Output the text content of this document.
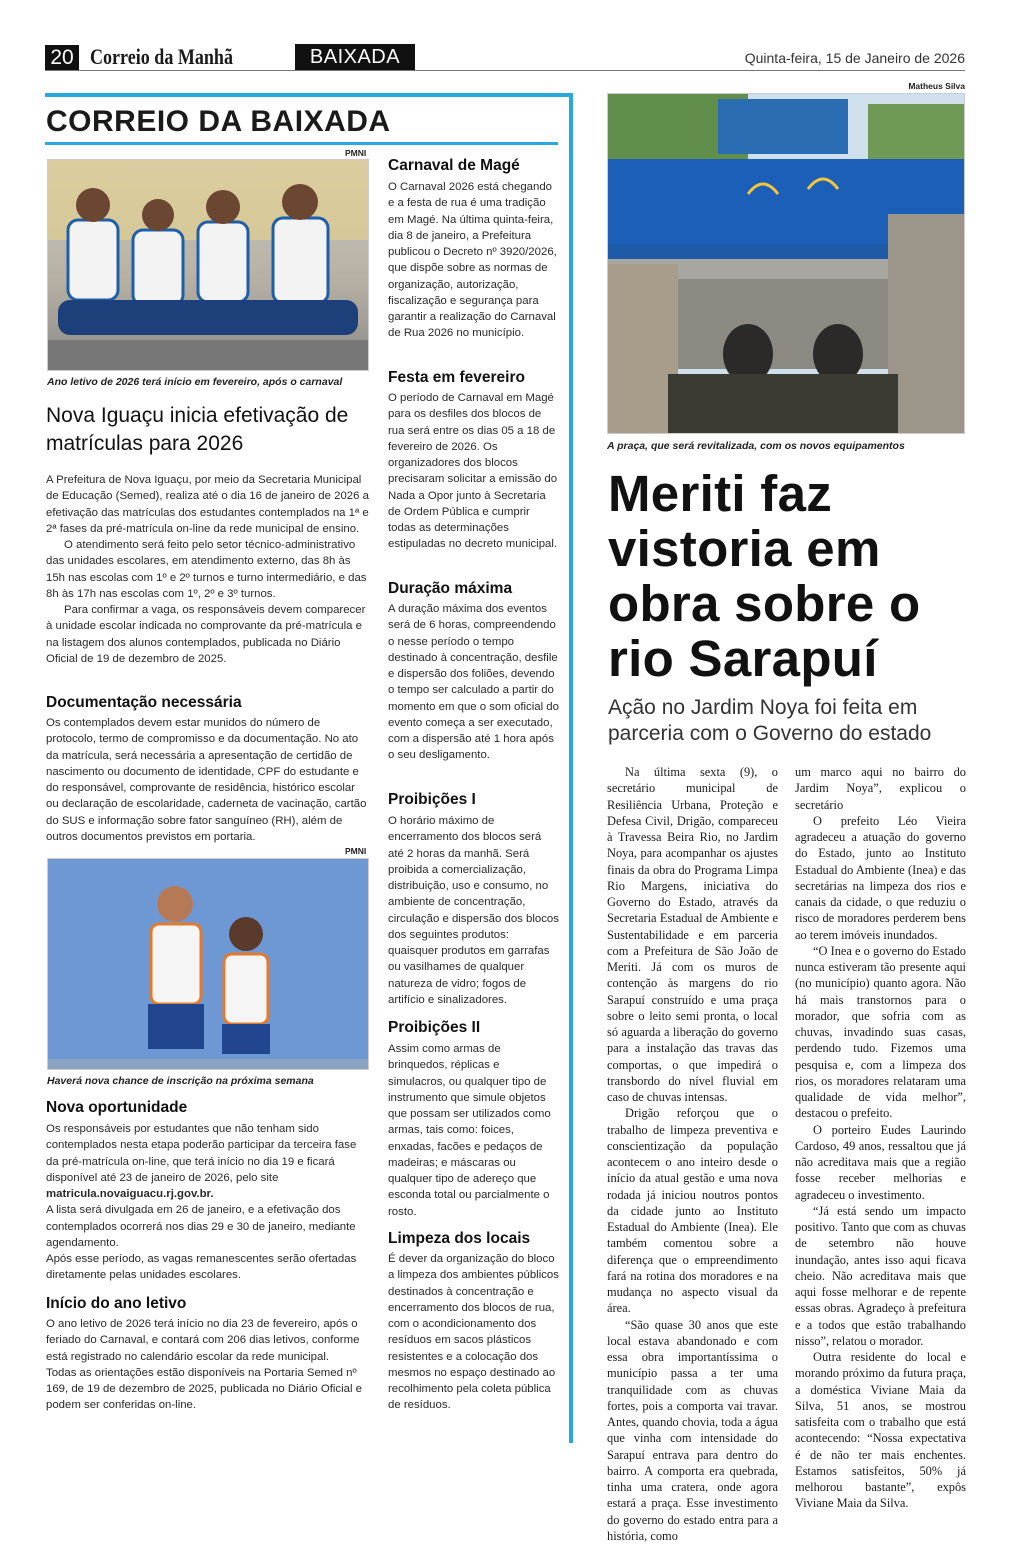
20 Correio da Manhã	BAIXADA	Quinta-feira, 15 de Janeiro de 2026
CORREIO DA BAIXADA
PMNI
Ano letivo de 2026 terá início em fevereiro, após o carnaval
Nova Iguaçu inicia efetivação de matrículas para 2026

A Prefeitura de Nova Iguaçu, por meio da Secretaria Municipal de Educação (Semed), realiza até o dia 16 de janeiro de 2026 a efetivação das matrículas dos estudantes contemplados na 1ª e 2ª fases da pré-matrícula on-line da rede municipal de ensino.

O atendimento será feito pelo setor técnico-administrativo das unidades escolares, em atendimento externo, das 8h às 15h nas escolas com 1º e 2º turnos e turno intermediário, e das 8h às 17h nas escolas com 1º, 2º e 3º turnos.

Para confirmar a vaga, os responsáveis devem comparecer à unidade escolar indicada no comprovante da pré-matrícula e na listagem dos alunos contemplados, publicada no Diário Oficial de 19 de dezembro de 2025.

Documentação necessária
Os contemplados devem estar munidos do número de protocolo, termo de compromisso e da documentação. No ato da matrícula, será necessária a apresentação de certidão de nascimento ou documento de identidade, CPF do estudante e do responsável, comprovante de residência, histórico escolar ou declaração de escolaridade, caderneta de vacinação, cartão do SUS e informação sobre fator sanguíneo (RH), além de outros documentos previstos em portaria.
PMNI
Haverá nova chance de inscrição na próxima semana
Nova oportunidade

Os responsáveis por estudantes que não tenham sido contemplados nesta etapa poderão participar da terceira fase da pré-matrícula on-line, que terá início no dia 19 e ficará disponível até 23 de janeiro de 2026, pelo site

matricula.novaiguacu.rj.gov.br.

A lista será divulgada em 26 de janeiro, e a efetivação dos contemplados ocorrerá nos dias 29 e 30 de janeiro, mediante agendamento.

Após esse período, as vagas remanescentes serão ofertadas diretamente pelas unidades escolares.

Início do ano letivo

O ano letivo de 2026 terá início no dia 23 de fevereiro, após o feriado do Carnaval, e contará com 206 dias letivos, conforme está registrado no calendário escolar da rede municipal.

Todas as orientações estão disponíveis na Portaria Semed nº 169, de 19 de dezembro de 2025, publicada no Diário Oficial e podem ser conferidas on-line.

Carnaval de Magé
O Carnaval 2026 está chegando e a festa de rua é uma tradição em Magé. Na última quinta-feira, dia 8 de janeiro, a Prefeitura publicou o Decreto nº 3920/2026, que dispõe sobre as normas de organização, autorização, fiscalização e segurança para garantir a realização do Carnaval de Rua 2026 no município.
Festa em fevereiro
O período de Carnaval em Magé para os desfiles dos blocos de rua será entre os dias 05 a 18 de fevereiro de 2026. Os organizadores dos blocos precisaram solicitar a emissão do Nada a Opor junto à Secretaria de Ordem Pública e cumprir todas as determinações estipuladas no decreto municipal.
Duração máxima
A duração máxima dos eventos será de 6 horas, compreendendo o nesse período o tempo destinado à concentração, desfile e dispersão dos foliões, devendo o tempo ser calculado a partir do momento em que o som oficial do evento começa a ser executado, com a dispersão até 1 hora após o seu desligamento.
Proibições I
O horário máximo de encerramento dos blocos será até 2 horas da manhã. Será proibida a comercialização, distribuição, uso e consumo, no ambiente de concentração, circulação e dispersão dos blocos dos seguintes produtos: quaisquer produtos em garrafas ou vasilhames de qualquer natureza de vidro; fogos de artifício e sinalizadores.
Proibições II
Assim como armas de brinquedos, réplicas e simulacros, ou qualquer tipo de instrumento que simule objetos que possam ser utilizados como armas, tais como: foices, enxadas, facões e pedaços de madeiras; e máscaras ou qualquer tipo de adereço que esconda total ou parcialmente o rosto.
Limpeza dos locais
É dever da organização do bloco a limpeza dos ambientes públicos destinados à concentração e encerramento dos blocos de rua, com o acondicionamento dos resíduos em sacos plásticos resistentes e a colocação dos mesmos no espaço destinado ao recolhimento pela coleta pública de resíduos.
Matheus Silva
A praça, que será revitalizada, com os novos equipamentos
Meriti faz vistoria em obra sobre o rio Sarapuí
Ação no Jardim Noya foi feita em parceria com o Governo do estado

Na última sexta (9), o secretário municipal de Resiliência Urbana, Proteção e Defesa Civil, Drigão, compareceu à Travessa Beira Rio, no Jardim Noya, para acompanhar os ajustes finais da obra do Programa Limpa Rio Margens, iniciativa do Governo do Estado, através da Secretaria Estadual de Ambiente e Sustentabilidade e em parceria com a Prefeitura de São João de Meriti. Já com os muros de contenção às margens do rio Sarapuí construído e uma praça sobre o leito semi pronta, o local só aguarda a liberação do governo para a instalação das travas das comportas, o que impedirá o transbordo do nível fluvial em caso de chuvas intensas.

Drigão reforçou que o trabalho de limpeza preventiva e conscientização da população acontecem o ano inteiro desde o início da atual gestão e uma nova rodada já iniciou noutros pontos da cidade junto ao Instituto Estadual do Ambiente (Inea). Ele também comentou sobre a diferença que o empreendimento fará na rotina dos moradores e na mudança no aspecto visual da área.

“São quase 30 anos que este local estava abandonado e com essa obra importantíssima o município passa a ter uma tranquilidade com as chuvas fortes, pois a comporta vai travar. Antes, quando chovia, toda a água que vinha com intensidade do Sarapuí entrava para dentro do bairro. A comporta era quebrada, tinha uma cratera, onde agora estará a praça. Esse investimento do governo do estado entra para a história, como

um marco aqui no bairro do Jardim Noya”, explicou o secretário

O prefeito Léo Vieira agradeceu a atuação do governo do Estado, junto ao Instituto Estadual do Ambiente (Inea) e das secretárias na limpeza dos rios e canais da cidade, o que reduziu o risco de moradores perderem bens ao terem imóveis inundados.

“O Inea e o governo do Estado nunca estiveram tão presente aqui (no município) quanto agora. Não há mais transtornos para o morador, que sofria com as chuvas, invadindo suas casas, perdendo tudo. Fizemos uma pesquisa e, com a limpeza dos rios, os moradores relataram uma qualidade de vida melhor”, destacou o prefeito.

O porteiro Eudes Laurindo Cardoso, 49 anos, ressaltou que já não acreditava mais que a região fosse receber melhorias e agradeceu o investimento.

“Já está sendo um impacto positivo. Tanto que com as chuvas de setembro não houve inundação, antes isso aqui ficava cheio. Não acreditava mais que aqui fosse melhorar e de repente essas obras. Agradeço à prefeitura e a todos que estão trabalhando nisso”, relatou o morador.

Outra residente do local e morando próximo da futura praça, a doméstica Viviane Maia da Silva, 51 anos, se mostrou satisfeita com o trabalho que está acontecendo: “Nossa expectativa é de não ter mais enchentes. Estamos satisfeitos, 50% já melhorou bastante”, expôs Viviane Maia da Silva.
